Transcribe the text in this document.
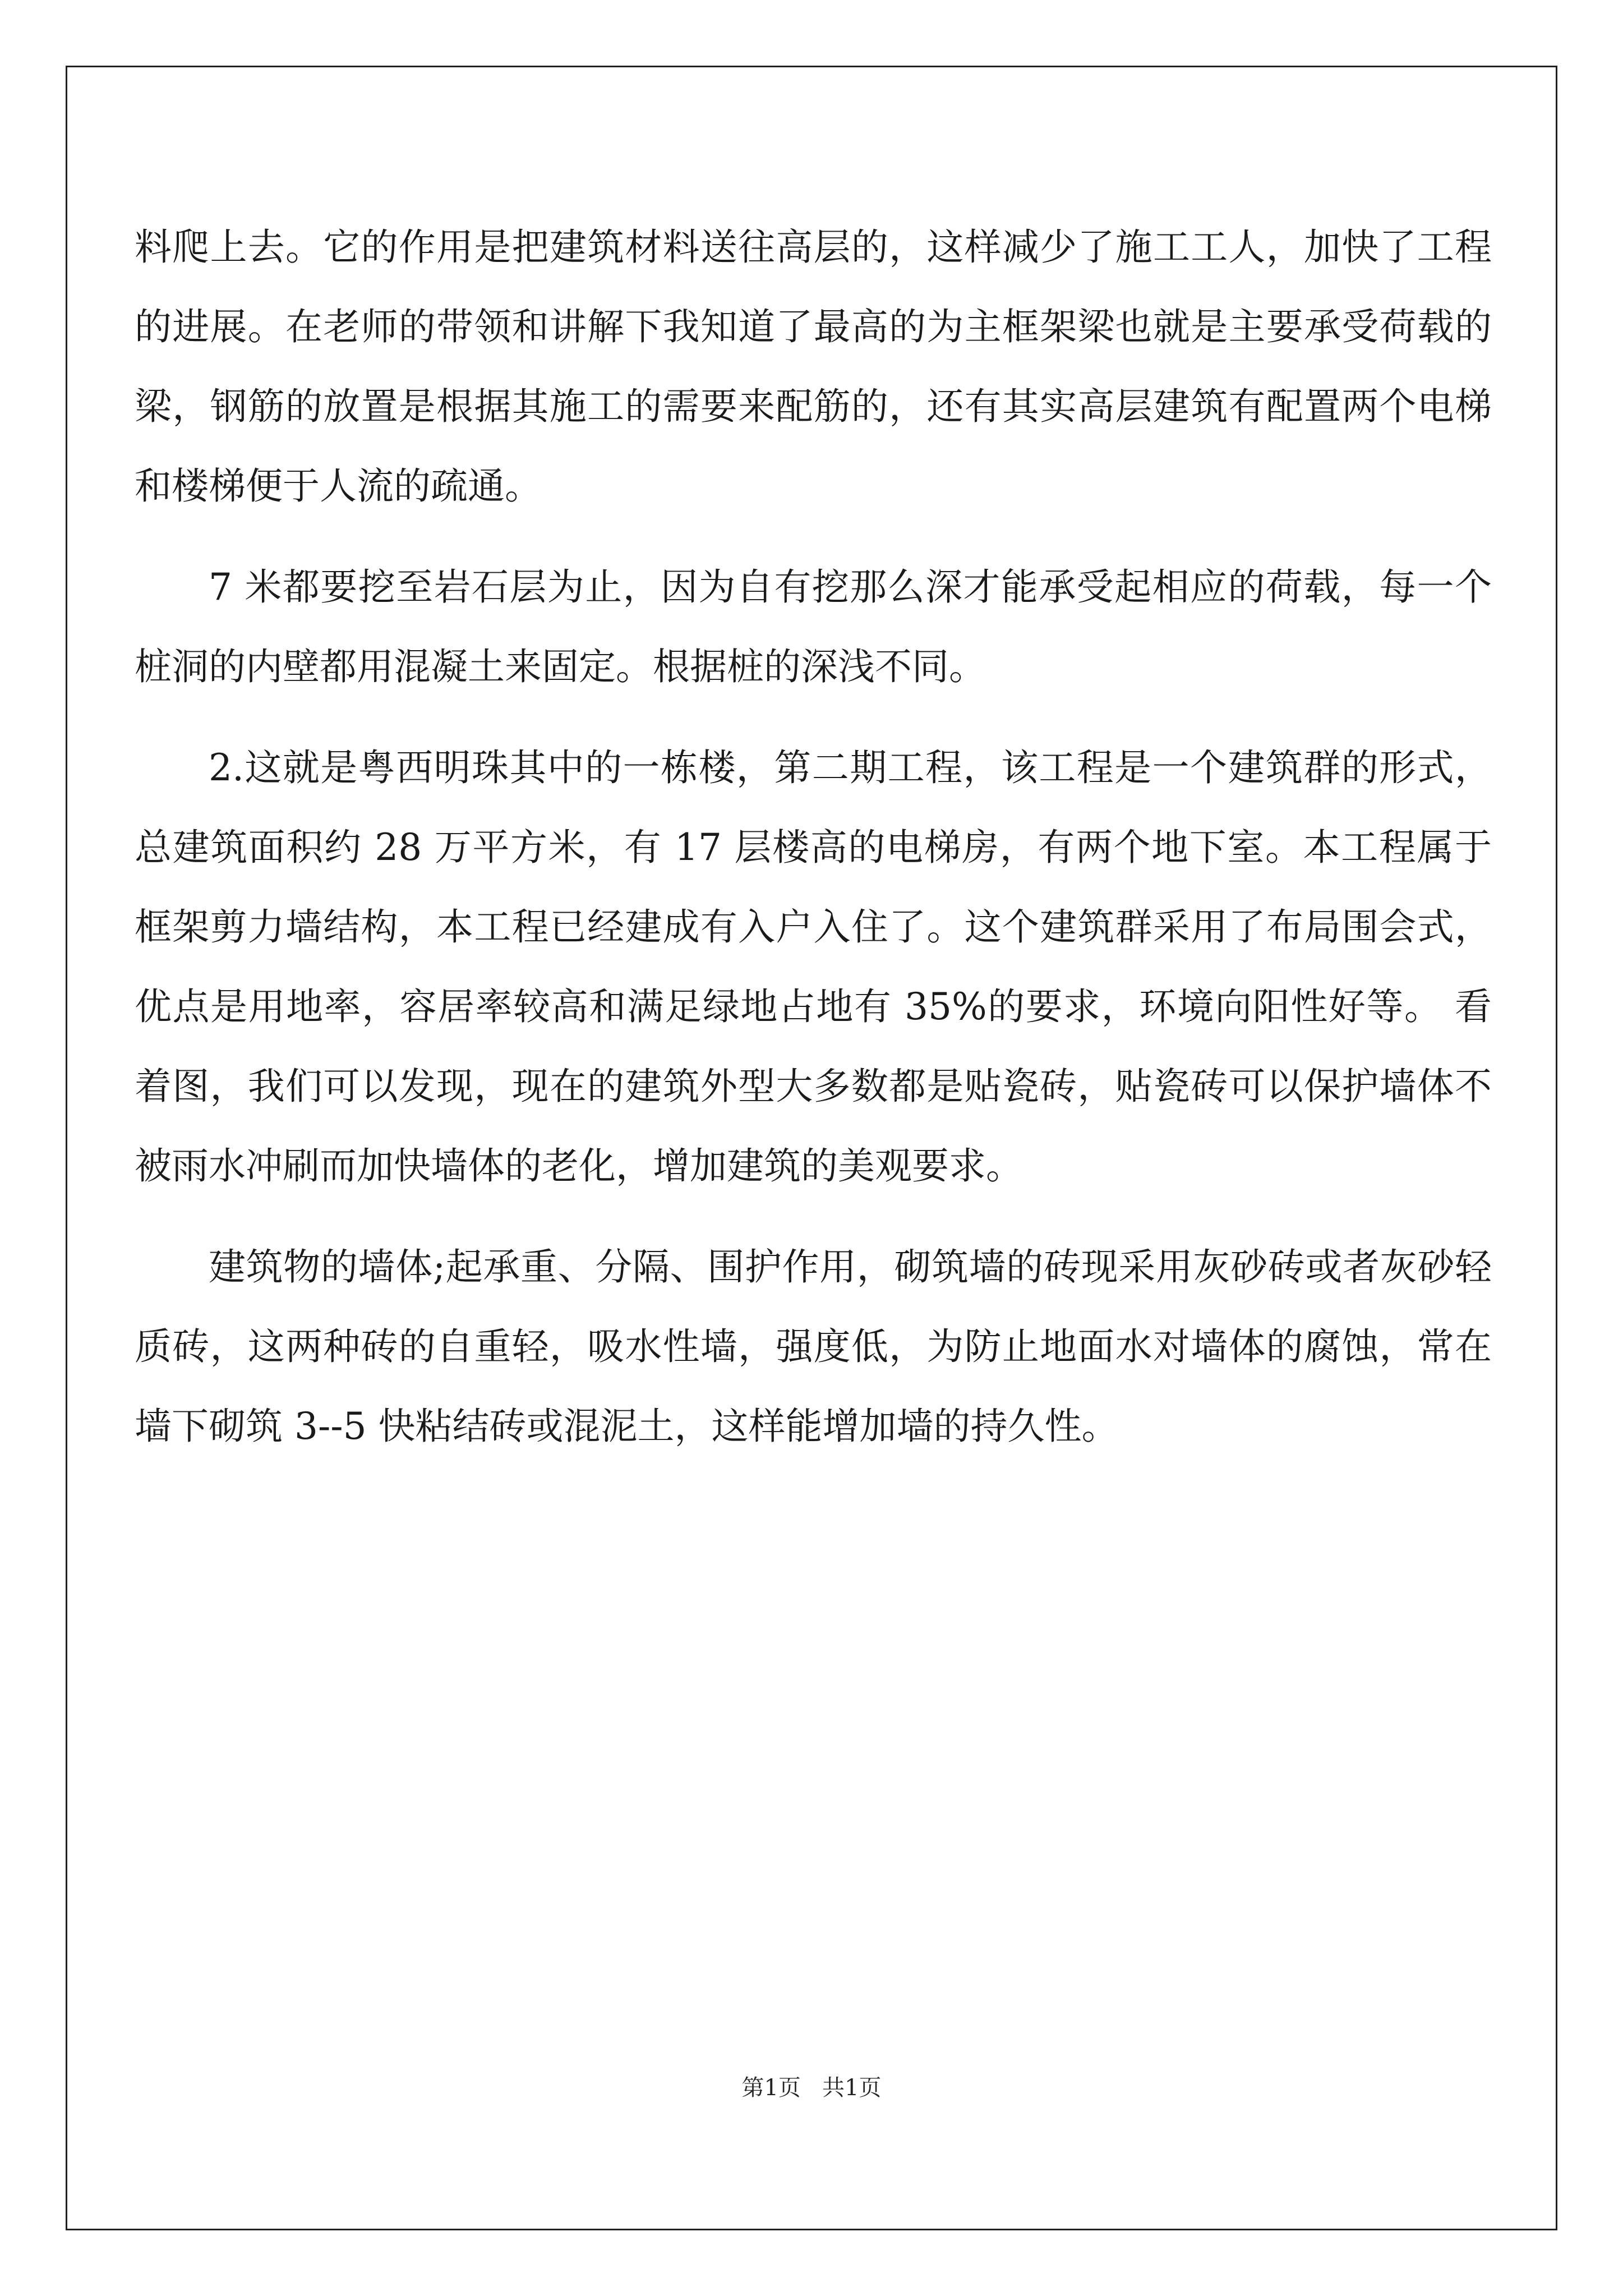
料爬上去。它的作用是把建筑材料送往高层的，这样减少了施工工人，加快了工程的进展。在老师的带领和讲解下我知道了最高的为主框架梁也就是主要承受荷载的梁，钢筋的放置是根据其施工的需要来配筋的，还有其实高层建筑有配置两个电梯和楼梯便于人流的疏通。

7 米都要挖至岩石层为止，因为自有挖那么深才能承受起相应的荷载，每一个桩洞的内壁都用混凝土来固定。根据桩的深浅不同。

2.这就是粤西明珠其中的一栋楼，第二期工程，该工程是一个建筑群的形式，总建筑面积约 28 万平方米，有 17 层楼高的电梯房，有两个地下室。本工程属于框架剪力墙结构，本工程已经建成有入户入住了。这个建筑群采用了布局围会式，优点是用地率，容居率较高和满足绿地占地有 35%的要求，环境向阳性好等。 看着图，我们可以发现，现在的建筑外型大多数都是贴瓷砖，贴瓷砖可以保护墙体不被雨水冲刷而加快墙体的老化，增加建筑的美观要求。

建筑物的墙体;起承重、分隔、围护作用，砌筑墙的砖现采用灰砂砖或者灰砂轻质砖，这两种砖的自重轻，吸水性墙，强度低，为防止地面水对墙体的腐蚀，常在墙下砌筑 3--5 快粘结砖或混泥土，这样能增加墙的持久性。

第1页   共1页
